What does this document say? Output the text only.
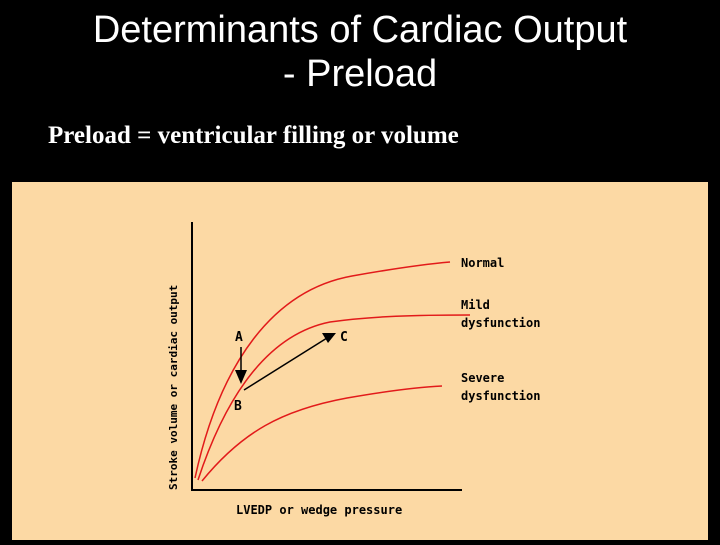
Determinants of Cardiac Output
- Preload
Preload = ventricular filling or volume
Stroke volume or cardiac output
LVEDP or wedge pressure
A
B
C
Normal
Mild
dysfunction
Severe
dysfunction
